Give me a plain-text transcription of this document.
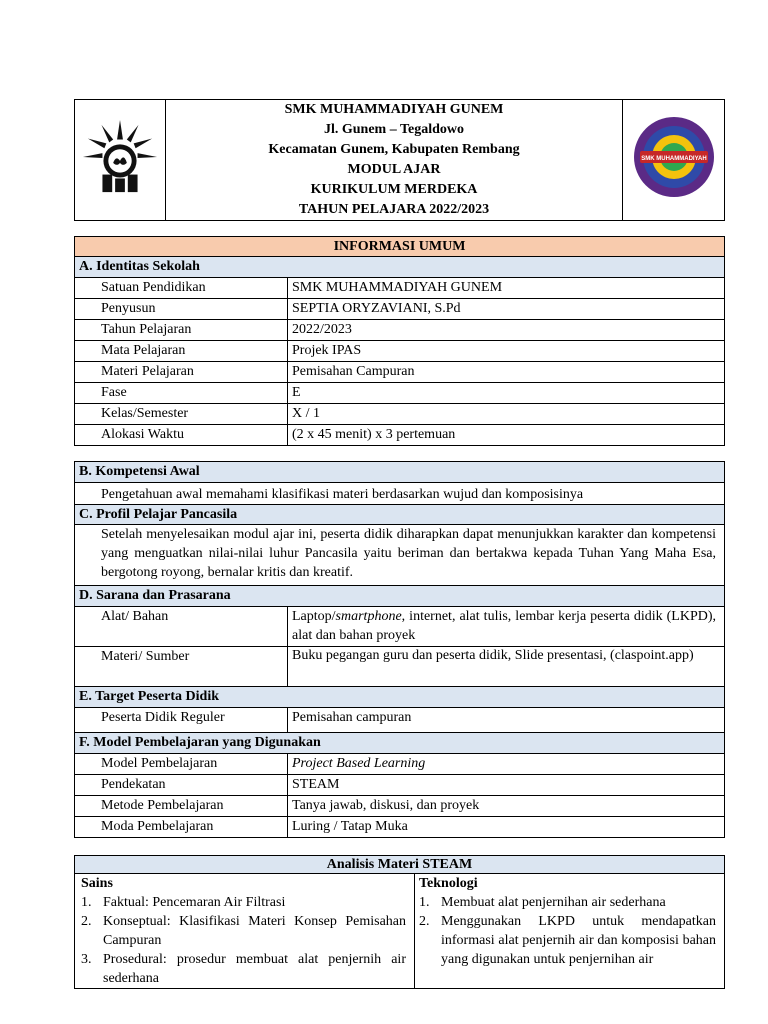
SMK MUHAMMADIYAH GUNEM
Jl. Gunem – Tegaldowo
Kecamatan Gunem, Kabupaten Rembang
MODUL AJAR
KURIKULUM MERDEKA
TAHUN PELAJARA 2022/2023

SMK MUHAMMADIYAH
INFORMASI UMUM	
A. Identitas Sekolah	
Satuan Pendidikan	SMK MUHAMMADIYAH GUNEM
Penyusun	SEPTIA ORYZAVIANI, S.Pd
Tahun Pelajaran	2022/2023
Mata Pelajaran	Projek IPAS
Materi Pelajaran	Pemisahan Campuran
Fase	E
Kelas/Semester	X / 1
Alokasi Waktu	(2 x 45 menit) x 3 pertemuan
B. Kompetensi Awal	
Pengetahuan awal memahami klasifikasi materi berdasarkan wujud dan komposisinya	
C. Profil Pelajar Pancasila	
Setelah menyelesaikan modul ajar ini, peserta didik diharapkan dapat menunjukkan karakter dan kompetensi yang menguatkan nilai-nilai luhur Pancasila yaitu beriman dan bertakwa kepada Tuhan Yang Maha Esa, bergotong royong, bernalar kritis dan kreatif.	
D. Sarana dan Prasarana	
Alat/ Bahan	Laptop/smartphone, internet, alat tulis, lembar kerja peserta didik (LKPD), alat dan bahan proyek
Materi/ Sumber	Buku pegangan guru dan peserta didik, Slide presentasi, (claspoint.app)
E. Target Peserta Didik	
Peserta Didik Reguler	Pemisahan campuran
F. Model Pembelajaran yang Digunakan	
Model Pembelajaran	Project Based Learning
Pendekatan	STEAM
Metode Pembelajaran	Tanya jawab, diskusi, dan proyek
Moda Pembelajaran	Luring / Tatap Muka
Analisis Materi STEAM

Sains
1. Faktual: Pencemaran Air Filtrasi
2. Konseptual: Klasifikasi Materi Konsep Pemisahan Campuran
3. Prosedural: prosedur membuat alat penjernih air sederhana

Teknologi
1. Membuat alat penjernihan air sederhana
2. Menggunakan LKPD untuk mendapatkan informasi alat penjernih air dan komposisi bahan yang digunakan untuk penjernihan air
